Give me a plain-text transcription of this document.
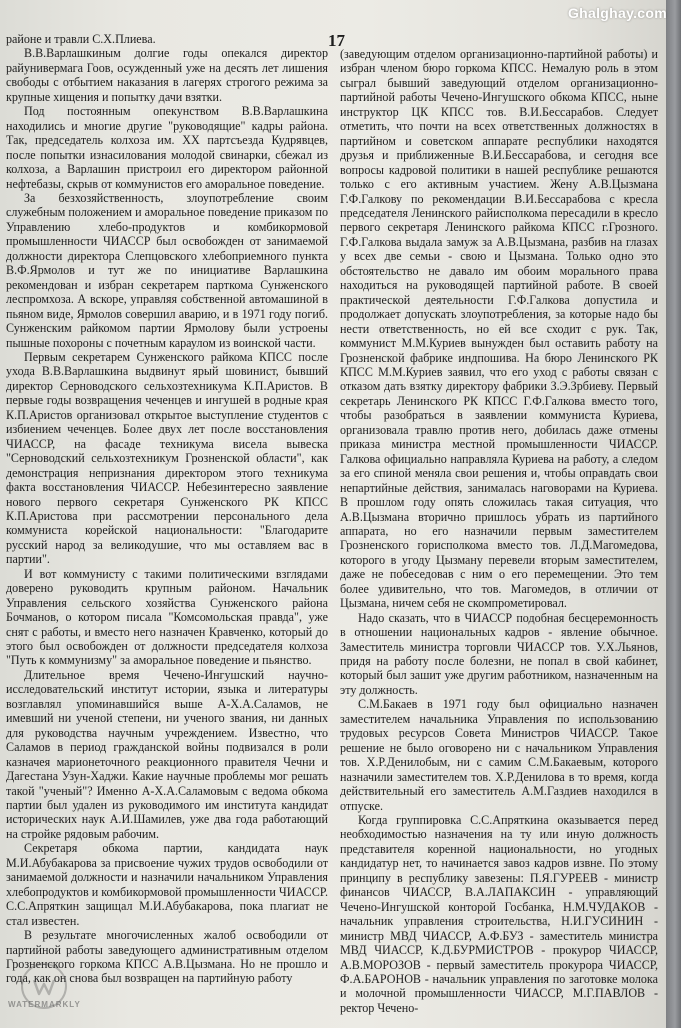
17

районе и травли С.Х.Плиева.

В.В.Варлашкиным долгие годы опекался директор райунивермага Гоов, осужденный уже на десять лет лишения свободы с отбытием наказания в лагерях строгого режима за крупные хищения и попытку дачи взятки.

Под постоянным опекунством В.В.Варлашкина находились и многие другие "руководящие" кадры района. Так, председатель колхоза им. XX партсъезда Кудрявцев, после попытки изнасилования молодой свинарки, сбежал из колхоза, а Варлашин пристроил его директором районной нефтебазы, скрыв от коммунистов его аморальное поведение.

За безхозяйственность, злоупотребление своим служебным положением и аморальное поведение приказом по Управлению хлебо-продуктов и комбикормовой промышленности ЧИАССР был освобожден от занимаемой должности директора Слепцовского хлебоприемного пункта В.Ф.Ярмолов и тут же по инициативе Варлашкина рекомендован и избран секретарем парткома Сунженского леспромхоза. А вскоре, управляя собственной автомашиной в пьяном виде, Ярмолов совершил аварию, и в 1971 году погиб. Сунженским райкомом партии Ярмолову были устроены пышные похороны с почетным караулом из воинской части.

Первым секретарем Сунженского райкома КПСС после ухода В.В.Варлашкина выдвинут ярый шовинист, бывший директор Серноводского сельхозтехникума К.П.Аристов. В первые годы возвращения чеченцев и ингушей в родные края К.П.Аристов организовал открытое выступление студентов с избиением чеченцев. Более двух лет после восстановления ЧИАССР, на фасаде техникума висела вывеска "Серноводский сельхозтехникум Грозненской области", как демонстрация непризнания директором этого техникума факта восстановления ЧИАССР. Небезинтересно заявление нового первого секретаря Сунженского РК КПСС К.П.Аристова при рассмотрении персонального дела коммуниста корейской национальности: "Благодарите русский народ за великодушие, что мы оставляем вас в партии".

И вот коммунисту с такими политическими взглядами доверено руководить крупным районом. Начальник Управления сельского хозяйства Сунженского района Бочманов, о котором писала "Комсомольская правда", уже снят с работы, и вместо него назначен Кравченко, который до этого был освобожден от должности председателя колхоза "Путь к коммунизму" за аморальное поведение и пьянство.

Длительное время Чечено-Ингушский научно-исследовательский институт истории, языка и литературы возглавлял упоминавшийся выше А-Х.А.Саламов, не имевший ни ученой степени, ни ученого звания, ни данных для руководства научным учреждением. Известно, что Саламов в период гражданской войны подвизался в роли казначея марионеточного реакционного правителя Чечни и Дагестана Узун-Хаджи. Какие научные проблемы мог решать такой "ученый"? Именно А-Х.А.Саламовым с ведома обкома партии был удален из руководимого им института кандидат исторических наук А.И.Шамилев, уже два года работающий на стройке рядовым рабочим.

Секретаря обкома партии, кандидата наук М.И.Абубакарова за присвоение чужих трудов освободили от занимаемой должности и назначили начальником Управления хлебопродуктов и комбикормовой промышленности ЧИАССР. С.С.Апряткин защищал М.И.Абубакарова, пока плагиат не стал известен.

В результате многочисленных жалоб освободили от партийной работы заведующего административным отделом Грозненского горкома КПСС А.В.Цызмана. Но не прошло и года, как он снова был возвращен на партийную работу

(заведующим отделом организационно-партийной работы) и избран членом бюро горкома КПСС. Немалую роль в этом сыграл бывший заведующий отделом организационно-партийной работы Чечено-Ингушского обкома КПСС, ныне инструктор ЦК КПСС тов. В.И.Бессарабов. Следует отметить, что почти на всех ответственных должностях в партийном и советском аппарате республики находятся друзья и приближенные В.И.Бессарабова, и сегодня все вопросы кадровой политики в нашей республике решаются только с его активным участием. Жену А.В.Цызмана Г.Ф.Галкову по рекомендации В.И.Бессарабова с кресла председателя Ленинского райисполкома пересадили в кресло первого секретаря Ленинского райкома КПСС г.Грозного. Г.Ф.Галкова выдала замуж за А.В.Цызмана, разбив на глазах у всех две семьи - свою и Цызмана. Только одно это обстоятельство не давало им обоим морального права находиться на руководящей партийной работе. В своей практической деятельности Г.Ф.Галкова допустила и продолжает допускать злоупотребления, за которые надо бы нести ответственность, но ей все сходит с рук. Так, коммунист М.М.Куриев вынужден был оставить работу на Грозненской фабрике индпошива. На бюро Ленинского РК КПСС М.М.Куриев заявил, что его уход с работы связан с отказом дать взятку директору фабрики З.Э.Зрбиеву. Первый секретарь Ленинского РК КПСС Г.Ф.Галкова вместо того, чтобы разобраться в заявлении коммуниста Куриева, организовала травлю против него, добилась даже отмены приказа министра местной промышленности ЧИАССР. Галкова официально направляла Куриева на работу, а следом за его спиной меняла свои решения и, чтобы оправдать свои непартийные действия, занималась наговорами на Куриева. В прошлом году опять сложилась такая ситуация, что А.В.Цызмана вторично пришлось убрать из партийного аппарата, но его назначили первым заместителем Грозненского горисполкома вместо тов. Л.Д.Магомедова, которого в угоду Цызману перевели вторым заместителем, даже не побеседовав с ним о его перемещении. Это тем более удивительно, что тов. Магомедов, в отличии от Цызмана, ничем себя не скомпрометировал.

Надо сказать, что в ЧИАССР подобная бесцеремонность в отношении национальных кадров - явление обычное. Заместитель министра торговли ЧИАССР тов. У.Х.Льянов, придя на работу после болезни, не попал в свой кабинет, который был зашит уже другим работником, назначенным на эту должность.

С.М.Бакаев в 1971 году был официально назначен заместителем начальника Управления по использованию трудовых ресурсов Совета Министров ЧИАССР. Такое решение не было оговорено ни с начальником Управления тов. Х.Р.Денилобым, ни с самим С.М.Бакаевым, которого назначили заместителем тов. Х.Р.Денилова в то время, когда действительный его заместитель А.М.Газдиев находился в отпуске.

Когда группировка С.С.Апряткина оказывается перед необходимостью назначения на ту или иную должность представителя коренной национальности, но угодных кандидатур нет, то начинается завоз кадров извне. По этому принципу в республику завезены: П.Я.ГУРЕЕВ - министр финансов ЧИАССР, В.А.ЛАПАКСИН - управляющий Чечено-Ингушской конторой Госбанка, Н.М.ЧУДАКОВ - начальник управления строительства, Н.И.ГУСИНИН - министр МВД ЧИАССР, А.Ф.БУЗ - заместитель министра МВД ЧИАССР, К.Д.БУРМИСТРОВ - прокурор ЧИАССР, А.В.МОРОЗОВ - первый заместитель прокурора ЧИАССР, Ф.А.БАРОНОВ - начальник управления по заготовке молока и молочной промышленности ЧИАССР, М.Г.ПАВЛОВ - ректор Чечено-

WATERMARKLY
Ghalghay.com
